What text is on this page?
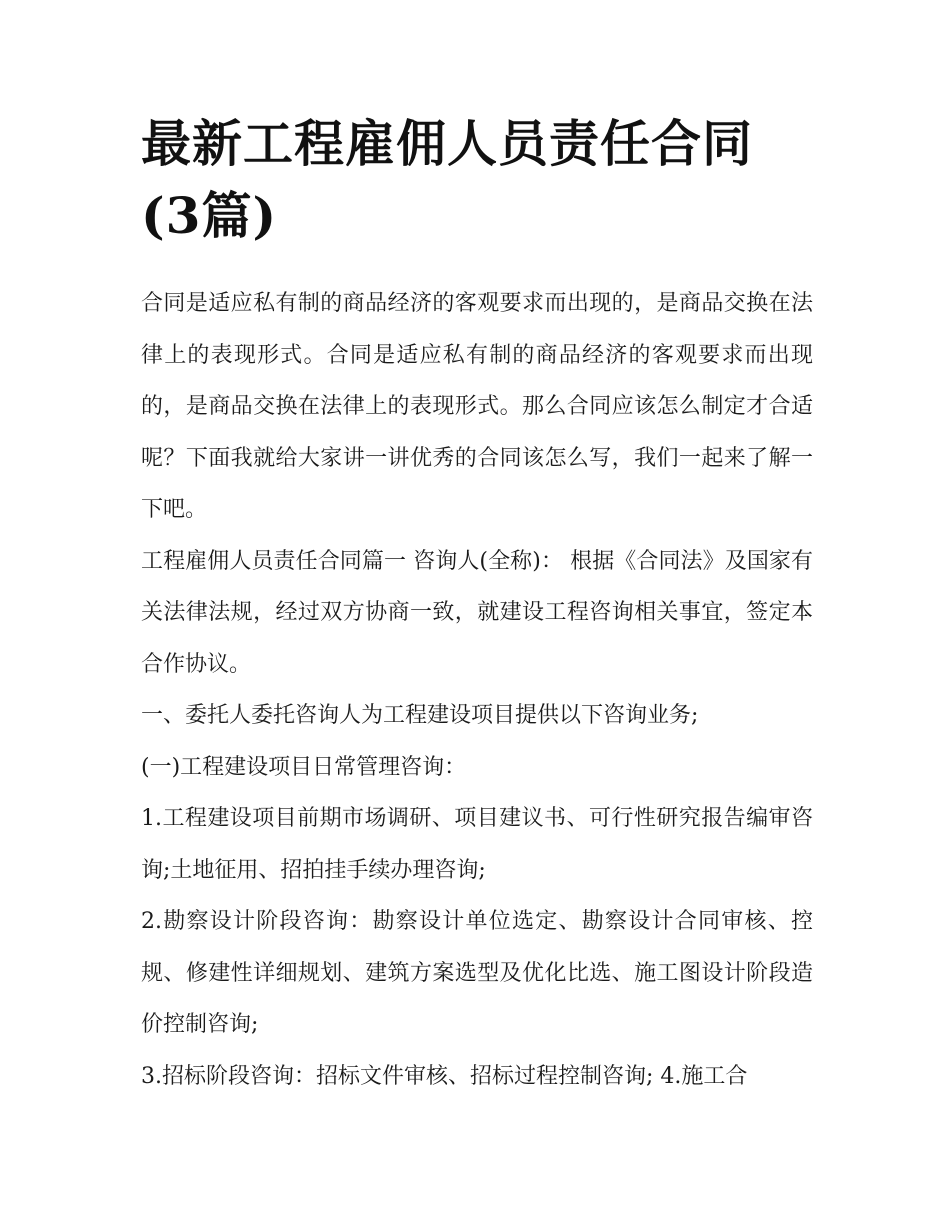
最新工程雇佣人员责任合同(3篇)

合同是适应私有制的商品经济的客观要求而出现的，是商品交换在法律上的表现形式。合同是适应私有制的商品经济的客观要求而出现的，是商品交换在法律上的表现形式。那么合同应该怎么制定才合适呢？下面我就给大家讲一讲优秀的合同该怎么写，我们一起来了解一下吧。

工程雇佣人员责任合同篇一 咨询人(全称)： 根据《合同法》及国家有关法律法规，经过双方协商一致，就建设工程咨询相关事宜，签定本合作协议。

一、委托人委托咨询人为工程建设项目提供以下咨询业务;

(一)工程建设项目日常管理咨询：

1.工程建设项目前期市场调研、项目建议书、可行性研究报告编审咨询;土地征用、招拍挂手续办理咨询;

2.勘察设计阶段咨询：勘察设计单位选定、勘察设计合同审核、控规、修建性详细规划、建筑方案选型及优化比选、施工图设计阶段造价控制咨询;

3.招标阶段咨询：招标文件审核、招标过程控制咨询; 4.施工合
